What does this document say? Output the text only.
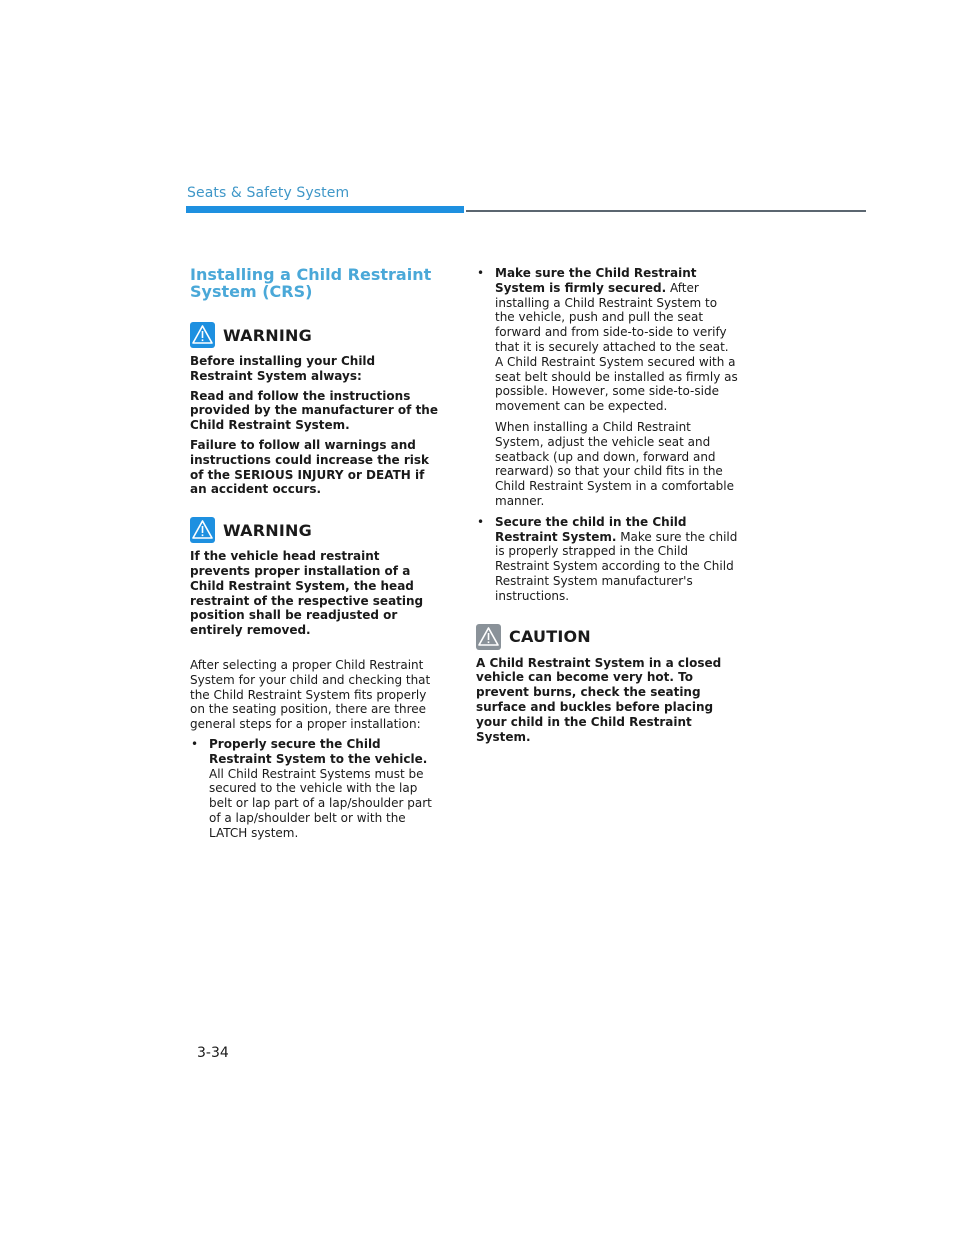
Seats & Safety System
Installing a Child Restraint System (CRS)
WARNING

Before installing your Child Restraint System always:

Read and follow the instructions provided by the manufacturer of the Child Restraint System.

Failure to follow all warnings and instructions could increase the risk of the SERIOUS INJURY or DEATH if an accident occurs.

WARNING

If the vehicle head restraint prevents proper installation of a Child Restraint System, the head restraint of the respective seating position shall be readjusted or entirely removed.

After selecting a proper Child Restraint System for your child and checking that the Child Restraint System fits properly on the seating position, there are three general steps for a proper installation:

• Properly secure the Child Restraint System to the vehicle. All Child Restraint Systems must be secured to the vehicle with the lap belt or lap part of a lap/shoulder part of a lap/shoulder belt or with the LATCH system.
• Make sure the Child Restraint System is firmly secured. After installing a Child Restraint System to the vehicle, push and pull the seat forward and from side-to-side to verify that it is securely attached to the seat. A Child Restraint System secured with a seat belt should be installed as firmly as possible. However, some side-to-side movement can be expected.

When installing a Child Restraint System, adjust the vehicle seat and seatback (up and down, forward and rearward) so that your child fits in the Child Restraint System in a comfortable manner.

• Secure the child in the Child Restraint System. Make sure the child is properly strapped in the Child Restraint System according to the Child Restraint System manufacturer's instructions.
CAUTION

A Child Restraint System in a closed vehicle can become very hot. To prevent burns, check the seating surface and buckles before placing your child in the Child Restraint System.

3-34
